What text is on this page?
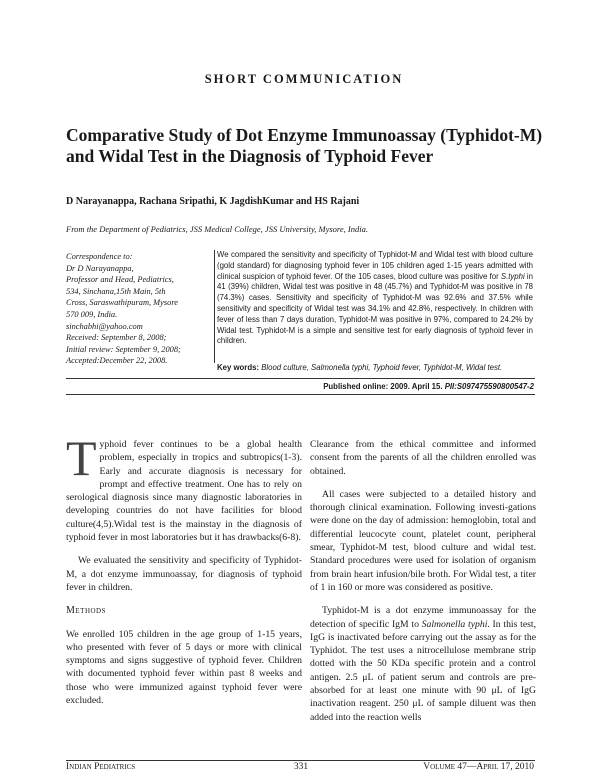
SHORT COMMUNICATION
Comparative Study of Dot Enzyme Immunoassay (Typhidot-M) and Widal Test in the Diagnosis of Typhoid Fever
D Narayanappa, Rachana Sripathi, K JagdishKumar and HS Rajani
From the Department of Pediatrics, JSS Medical College, JSS University, Mysore, India.
Correspondence to:
Dr D Narayanappa,
Professor and Head, Pediatrics,
534, Sinchana,15th Main, 5th
Cross, Saraswathipuram, Mysore
570 009, India.
sinchabhi@yahoo.com
Received: September 8, 2008;
Initial review: September 9, 2008;
Accepted:December 22, 2008.
We compared the sensitivity and specificity of Typhidot-M and Widal test with blood culture (gold standard) for diagnosing typhoid fever in 105 children aged 1-15 years admitted with clinical suspicion of typhoid fever. Of the 105 cases, blood culture was positive for S.typhi in 41 (39%) children, Widal test was positive in 48 (45.7%) and Typhidot-M was positive in 78 (74.3%) cases. Sensitivity and specificity of Typhidot-M was 92.6% and 37.5% while sensitivity and specificity of Widal test was 34.1% and 42.8%, respectively. In children with fever of less than 7 days duration, Typhidot-M was positive in 97%, compared to 24.2% by Widal test. Typhidot-M is a simple and sensitive test for early diagnosis of typhoid fever in children.
Key words: Blood culture, Salmonella typhi, Typhoid fever, Typhidot-M, Widal test.
Published online: 2009. April 15. PII:S097475590800547-2

Typhoid fever continues to be a global health problem, especially in tropics and subtropics(1-3). Early and accurate diagnosis is necessary for prompt and effective treatment. One has to rely on serological diagnosis since many diagnostic laboratories in developing countries do not have facilities for blood culture(4,5).Widal test is the mainstay in the diagnosis of typhoid fever in most laboratories but it has drawbacks(6-8).

We evaluated the sensitivity and specificity of Typhidot-M, a dot enzyme immunoassay, for diagnosis of typhoid fever in children.

Methods

We enrolled 105 children in the age group of 1-15 years, who presented with fever of 5 days or more with clinical symptoms and signs suggestive of typhoid fever. Children with documented typhoid fever within past 8 weeks and those who were immunized against typhoid fever were excluded.

Clearance from the ethical committee and informed consent from the parents of all the children enrolled was obtained.

All cases were subjected to a detailed history and thorough clinical examination. Following investi-gations were done on the day of admission: hemoglobin, total and differential leucocyte count, platelet count, peripheral smear, Typhidot-M test, blood culture and widal test. Standard procedures were used for isolation of organism from brain heart infusion/bile broth. For Widal test, a titer of 1 in 160 or more was considered as positive.

Typhidot-M is a dot enzyme immunoassay for the detection of specific IgM to Salmonella typhi. In this test, IgG is inactivated before carrying out the assay as for the Typhidot. The test uses a nitrocellulose membrane strip dotted with the 50 KDa specific protein and a control antigen. 2.5 μL of patient serum and controls are pre-absorbed for at least one minute with 90 μL of IgG inactivation reagent. 250 μL of sample diluent was then added into the reaction wells

Indian Pediatrics	331	Volume 47—April 17, 2010
